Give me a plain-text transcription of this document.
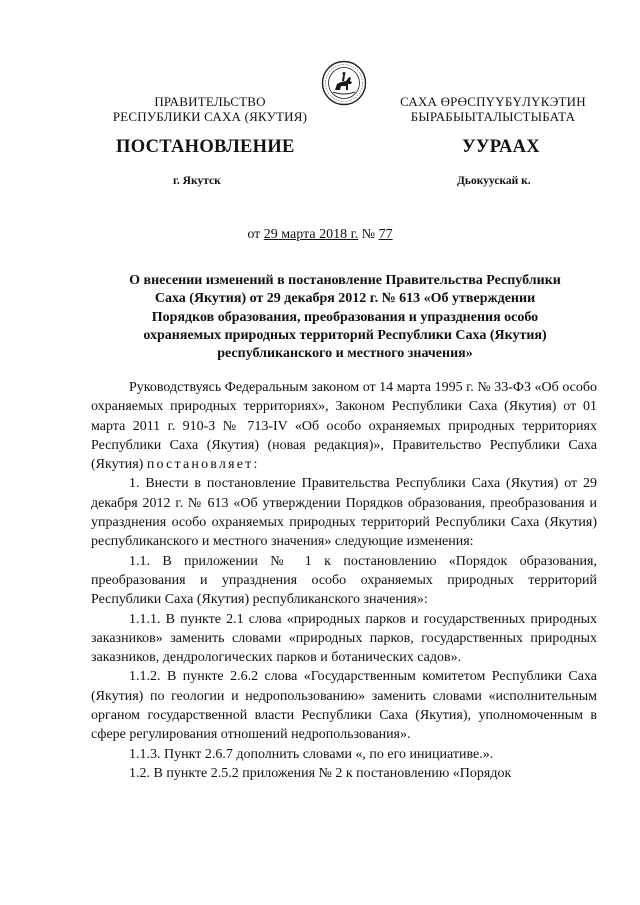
ПРАВИТЕЛЬСТВО
РЕСПУБЛИКИ САХА (ЯКУТИЯ)
САХА ӨРӨСПҮҮБҮЛҮКЭТИН
БЫРАБЫЫТАЛЫСТЫБАТА
ПОСТАНОВЛЕНИЕ	УУРААХ
г. Якутск	Дьокуускай к.
от 29 марта 2018 г. № 77
О внесении изменений в постановление Правительства Республики
Саха (Якутия) от 29 декабря 2012 г. № 613 «Об утверждении
Порядков образования, преобразования и упразднения особо
охраняемых природных территорий Республики Саха (Якутия)
республиканского и местного значения»

Руководствуясь Федеральным законом от 14 марта 1995 г. № 33-ФЗ «Об особо охраняемых природных территориях», Законом Республики Саха (Якутия) от 01 марта 2011 г. 910-З № 713-IV «Об особо охраняемых природных территориях Республики Саха (Якутия) (новая редакция)», Правительство Республики Саха (Якутия) постановляет:

1. Внести в постановление Правительства Республики Саха (Якутия) от 29 декабря 2012 г. № 613 «Об утверждении Порядков образования, преобразования и упразднения особо охраняемых природных территорий Республики Саха (Якутия) республиканского и местного значения» следующие изменения:

1.1. В приложении № 1 к постановлению «Порядок образования, преобразования и упразднения особо охраняемых природных территорий Республики Саха (Якутия) республиканского значения»:

1.1.1. В пункте 2.1 слова «природных парков и государственных природных заказников» заменить словами «природных парков, государственных природных заказников, дендрологических парков и ботанических садов».

1.1.2. В пункте 2.6.2 слова «Государственным комитетом Республики Саха (Якутия) по геологии и недропользованию» заменить словами «исполнительным органом государственной власти Республики Саха (Якутия), уполномоченным в сфере регулирования отношений недропользования».

1.1.3. Пункт 2.6.7 дополнить словами «, по его инициативе.».

1.2. В пункте 2.5.2 приложения № 2 к постановлению «Порядок
